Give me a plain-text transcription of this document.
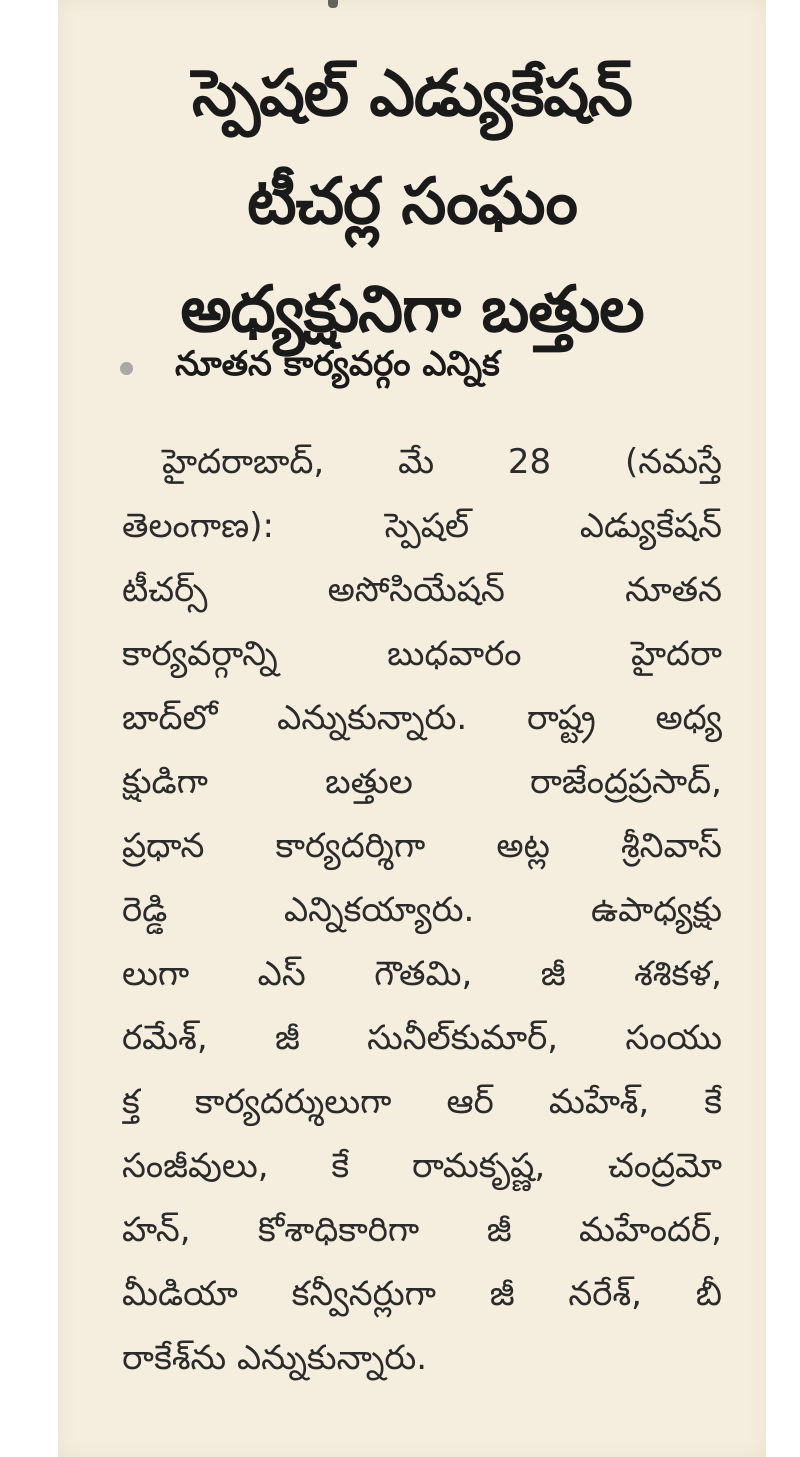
స్పెషల్ ఎడ్యుకేషన్
టీచర్ల సంఘం
అధ్యక్షునిగా బత్తుల
నూతన కార్యవర్గం ఎన్నిక
హైదరాబాద్, మే 28 (నమస్తే
తెలంగాణ): స్పెషల్ ఎడ్యుకేషన్
టీచర్స్ అసోసియేషన్ నూతన
కార్యవర్గాన్ని బుధవారం హైదరా
బాద్‌లో ఎన్నుకున్నారు. రాష్ట్ర అధ్య
క్షుడిగా బత్తుల రాజేంద్రప్రసాద్,
ప్రధాన కార్యదర్శిగా అట్ల శ్రీనివాస్
రెడ్డి ఎన్నికయ్యారు. ఉపాధ్యక్షు
లుగా ఎస్ గౌతమి, జీ శశికళ,
రమేశ్, జీ సునీల్‌కుమార్, సంయు
క్త కార్యదర్శులుగా ఆర్ మహేశ్, కే
సంజీవులు, కే రామకృష్ణ, చంద్రమో
హన్, కోశాధికారిగా జీ మహేందర్,
మీడియా కన్వీనర్లుగా జీ నరేశ్, బీ
రాకేశ్‌ను ఎన్నుకున్నారు.
